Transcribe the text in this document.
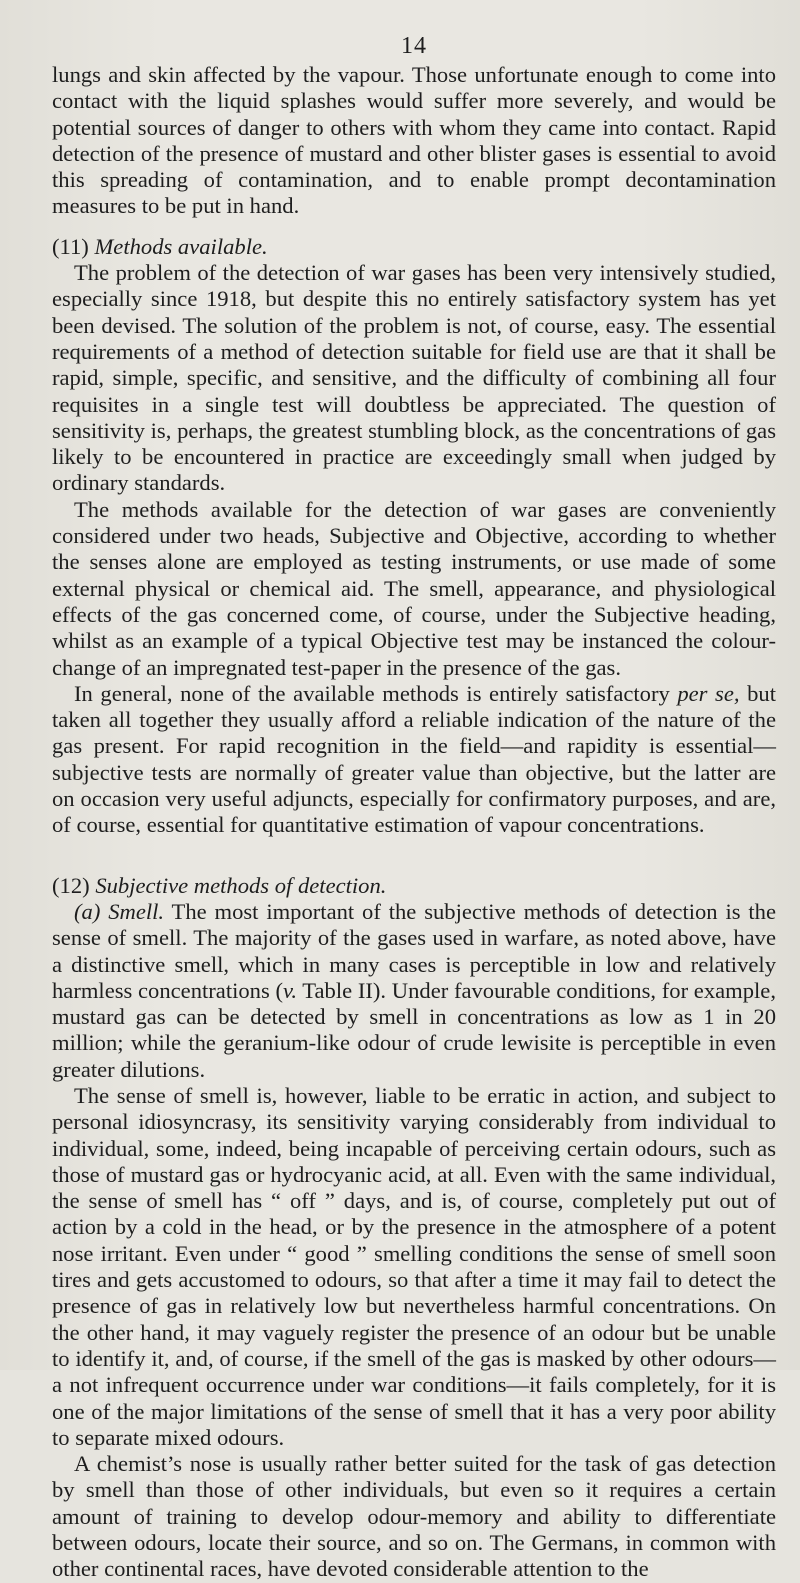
14

lungs and skin affected by the vapour. Those unfortunate enough to come into contact with the liquid splashes would suffer more severely, and would be potential sources of danger to others with whom they came into contact. Rapid detection of the presence of mustard and other blister gases is essential to avoid this spreading of contamination, and to enable prompt decontamination measures to be put in hand.

(11) Methods available.

The problem of the detection of war gases has been very intensively studied, especially since 1918, but despite this no entirely satisfactory system has yet been devised. The solution of the problem is not, of course, easy. The essential requirements of a method of detection suitable for field use are that it shall be rapid, simple, specific, and sensitive, and the difficulty of combining all four requisites in a single test will doubtless be appreciated. The question of sensitivity is, perhaps, the greatest stumbling block, as the concentrations of gas likely to be encountered in practice are exceedingly small when judged by ordinary standards.

The methods available for the detection of war gases are conveniently considered under two heads, Subjective and Objective, according to whether the senses alone are employed as testing instruments, or use made of some external physical or chemical aid. The smell, appearance, and physiological effects of the gas concerned come, of course, under the Subjective heading, whilst as an example of a typical Objective test may be instanced the colour-change of an impregnated test-paper in the presence of the gas.

In general, none of the available methods is entirely satisfactory per se, but taken all together they usually afford a reliable indication of the nature of the gas present. For rapid recognition in the field—and rapidity is essential—subjective tests are normally of greater value than objective, but the latter are on occasion very useful adjuncts, especially for confirmatory purposes, and are, of course, essential for quantitative estimation of vapour concentrations.

(12) Subjective methods of detection.

(a) Smell. The most important of the subjective methods of detection is the sense of smell. The majority of the gases used in warfare, as noted above, have a distinctive smell, which in many cases is perceptible in low and relatively harmless concentrations (v. Table II). Under favourable conditions, for example, mustard gas can be detected by smell in concentrations as low as 1 in 20 million; while the geranium-like odour of crude lewisite is perceptible in even greater dilutions.

The sense of smell is, however, liable to be erratic in action, and subject to personal idiosyncrasy, its sensitivity varying considerably from individual to individual, some, indeed, being incapable of perceiving certain odours, such as those of mustard gas or hydrocyanic acid, at all. Even with the same individual, the sense of smell has “ off ” days, and is, of course, completely put out of action by a cold in the head, or by the presence in the atmosphere of a potent nose irritant. Even under “ good ” smelling conditions the sense of smell soon tires and gets accustomed to odours, so that after a time it may fail to detect the presence of gas in relatively low but nevertheless harmful concentrations. On the other hand, it may vaguely register the presence of an odour but be unable to identify it, and, of course, if the smell of the gas is masked by other odours—a not infrequent occurrence under war conditions—it fails completely, for it is one of the major limitations of the sense of smell that it has a very poor ability to separate mixed odours.

A chemist’s nose is usually rather better suited for the task of gas detection by smell than those of other individuals, but even so it requires a certain amount of training to develop odour-memory and ability to differentiate between odours, locate their source, and so on. The Germans, in common with other continental races, have devoted considerable attention to the
